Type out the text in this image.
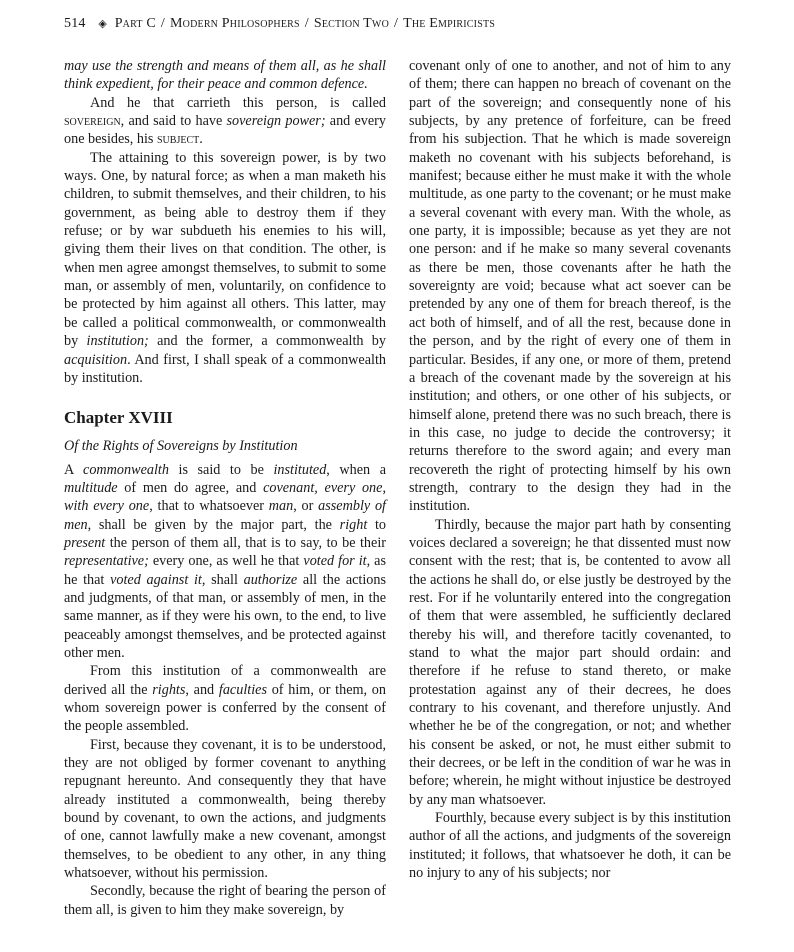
514 ◈ Part C / Modern Philosophers / Section Two / The Empiricists

may use the strength and means of them all, as he shall think expedient, for their peace and common defence.

And he that carrieth this person, is called sovereign, and said to have sovereign power; and every one besides, his subject.

The attaining to this sovereign power, is by two ways. One, by natural force; as when a man maketh his children, to submit themselves, and their children, to his government, as being able to destroy them if they refuse; or by war subdueth his enemies to his will, giving them their lives on that condition. The other, is when men agree amongst themselves, to submit to some man, or assembly of men, voluntarily, on confidence to be protected by him against all others. This latter, may be called a political commonwealth, or commonwealth by institution; and the former, a commonwealth by acquisition. And first, I shall speak of a commonwealth by institution.

Chapter XVIII
Of the Rights of Sovereigns by Institution

A commonwealth is said to be instituted, when a multitude of men do agree, and covenant, every one, with every one, that to whatsoever man, or assembly of men, shall be given by the major part, the right to present the person of them all, that is to say, to be their representative; every one, as well he that voted for it, as he that voted against it, shall authorize all the actions and judgments, of that man, or assembly of men, in the same manner, as if they were his own, to the end, to live peaceably amongst themselves, and be protected against other men.

From this institution of a commonwealth are derived all the rights, and faculties of him, or them, on whom sovereign power is conferred by the consent of the people assembled.

First, because they covenant, it is to be understood, they are not obliged by former covenant to anything repugnant hereunto. And consequently they that have already instituted a commonwealth, being thereby bound by covenant, to own the actions, and judgments of one, cannot lawfully make a new covenant, amongst themselves, to be obedient to any other, in any thing whatsoever, without his permission.

Secondly, because the right of bearing the person of them all, is given to him they make sovereign, by

covenant only of one to another, and not of him to any of them; there can happen no breach of covenant on the part of the sovereign; and consequently none of his subjects, by any pretence of forfeiture, can be freed from his subjection. That he which is made sovereign maketh no covenant with his subjects beforehand, is manifest; because either he must make it with the whole multitude, as one party to the covenant; or he must make a several covenant with every man. With the whole, as one party, it is impossible; because as yet they are not one person: and if he make so many several covenants as there be men, those covenants after he hath the sovereignty are void; because what act soever can be pretended by any one of them for breach thereof, is the act both of himself, and of all the rest, because done in the person, and by the right of every one of them in particular. Besides, if any one, or more of them, pretend a breach of the covenant made by the sovereign at his institution; and others, or one other of his subjects, or himself alone, pretend there was no such breach, there is in this case, no judge to decide the controversy; it returns therefore to the sword again; and every man recovereth the right of protecting himself by his own strength, contrary to the design they had in the institution.

Thirdly, because the major part hath by consenting voices declared a sovereign; he that dissented must now consent with the rest; that is, be contented to avow all the actions he shall do, or else justly be destroyed by the rest. For if he voluntarily entered into the congregation of them that were assembled, he sufficiently declared thereby his will, and therefore tacitly covenanted, to stand to what the major part should ordain: and therefore if he refuse to stand thereto, or make protestation against any of their decrees, he does contrary to his covenant, and therefore unjustly. And whether he be of the congregation, or not; and whether his consent be asked, or not, he must either submit to their decrees, or be left in the condition of war he was in before; wherein, he might without injustice be destroyed by any man whatsoever.

Fourthly, because every subject is by this institution author of all the actions, and judgments of the sovereign instituted; it follows, that whatsoever he doth, it can be no injury to any of his subjects; nor
